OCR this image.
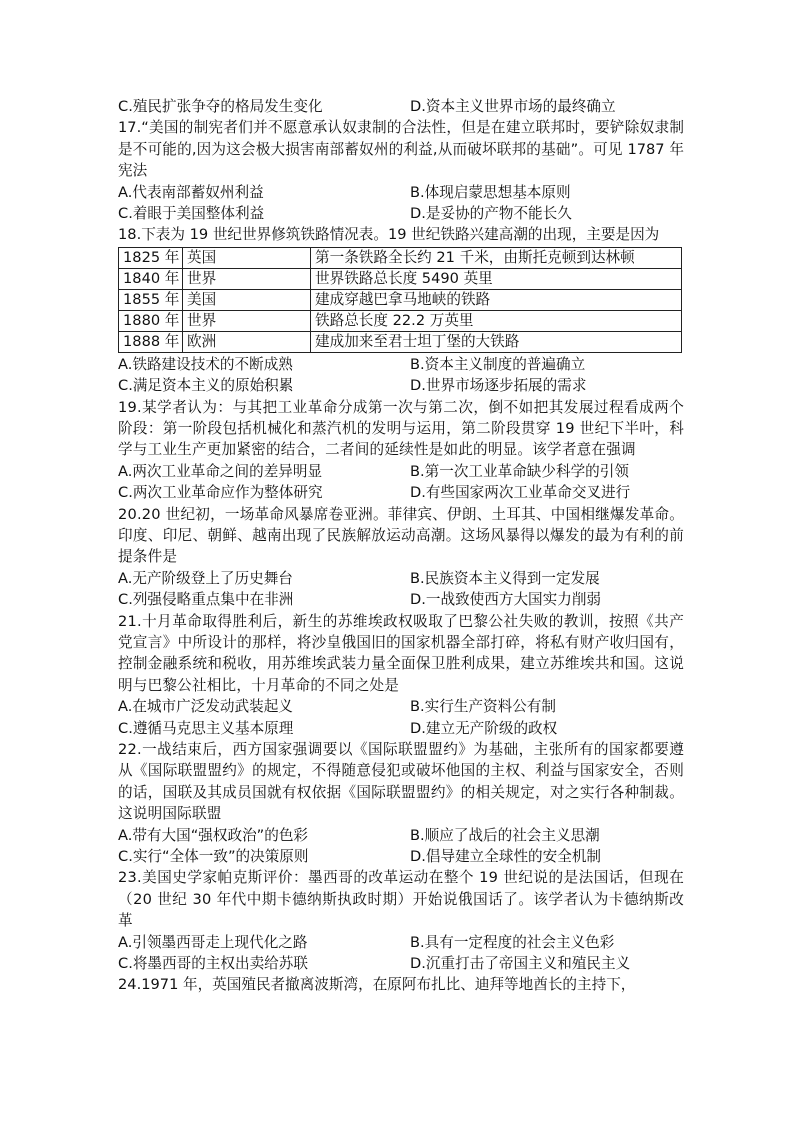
C.殖民扩张争夺的格局发生变化	D.资本主义世界市场的最终确立
17.“美国的制宪者们并不愿意承认奴隶制的合法性，但是在建立联邦时，要铲除奴隶制是不可能的,因为这会极大损害南部蓄奴州的利益,从而破坏联邦的基础”。可见 1787 年宪法
A.代表南部蓄奴州利益	B.体现启蒙思想基本原则
C.着眼于美国整体利益	D.是妥协的产物不能长久
18.下表为 19 世纪世界修筑铁路情况表。19 世纪铁路兴建高潮的出现，主要是因为
1825 年	英国	第一条铁路全长约 21 千米，由斯托克顿到达林顿
1840 年	世界	世界铁路总长度 5490 英里
1855 年	美国	建成穿越巴拿马地峡的铁路
1880 年	世界	铁路总长度 22.2 万英里
1888 年	欧洲	建成加来至君士坦丁堡的大铁路
A.铁路建设技术的不断成熟	B.资本主义制度的普遍确立
C.满足资本主义的原始积累	D.世界市场逐步拓展的需求
19.某学者认为：与其把工业革命分成第一次与第二次，倒不如把其发展过程看成两个阶段：第一阶段包括机械化和蒸汽机的发明与运用，第二阶段贯穿 19 世纪下半叶，科学与工业生产更加紧密的结合，二者间的延续性是如此的明显。该学者意在强调
A.两次工业革命之间的差异明显	B.第一次工业革命缺少科学的引领
C.两次工业革命应作为整体研究	D.有些国家两次工业革命交叉进行
20.20 世纪初，一场革命风暴席卷亚洲。菲律宾、伊朗、土耳其、中国相继爆发革命。印度、印尼、朝鲜、越南出现了民族解放运动高潮。这场风暴得以爆发的最为有利的前提条件是
A.无产阶级登上了历史舞台	B.民族资本主义得到一定发展
C.列强侵略重点集中在非洲	D.一战致使西方大国实力削弱
21.十月革命取得胜利后，新生的苏维埃政权吸取了巴黎公社失败的教训，按照《共产党宣言》中所设计的那样，将沙皇俄国旧的国家机器全部打碎，将私有财产收归国有，控制金融系统和税收，用苏维埃武装力量全面保卫胜利成果，建立苏维埃共和国。这说明与巴黎公社相比，十月革命的不同之处是
A.在城市广泛发动武装起义	B.实行生产资料公有制
C.遵循马克思主义基本原理	D.建立无产阶级的政权
22.一战结束后，西方国家强调要以《国际联盟盟约》为基础，主张所有的国家都要遵从《国际联盟盟约》的规定，不得随意侵犯或破坏他国的主权、利益与国家安全，否则的话，国联及其成员国就有权依据《国际联盟盟约》的相关规定，对之实行各种制裁。这说明国际联盟
A.带有大国“强权政治”的色彩	B.顺应了战后的社会主义思潮
C.实行“全体一致”的决策原则	D.倡导建立全球性的安全机制
23.美国史学家帕克斯评价：墨西哥的改革运动在整个 19 世纪说的是法国话，但现在（20 世纪 30 年代中期卡德纳斯执政时期）开始说俄国话了。该学者认为卡德纳斯改革
A.引领墨西哥走上现代化之路	B.具有一定程度的社会主义色彩
C.将墨西哥的主权出卖给苏联	D.沉重打击了帝国主义和殖民主义
24.1971 年，英国殖民者撤离波斯湾，在原阿布扎比、迪拜等地酋长的主持下，
